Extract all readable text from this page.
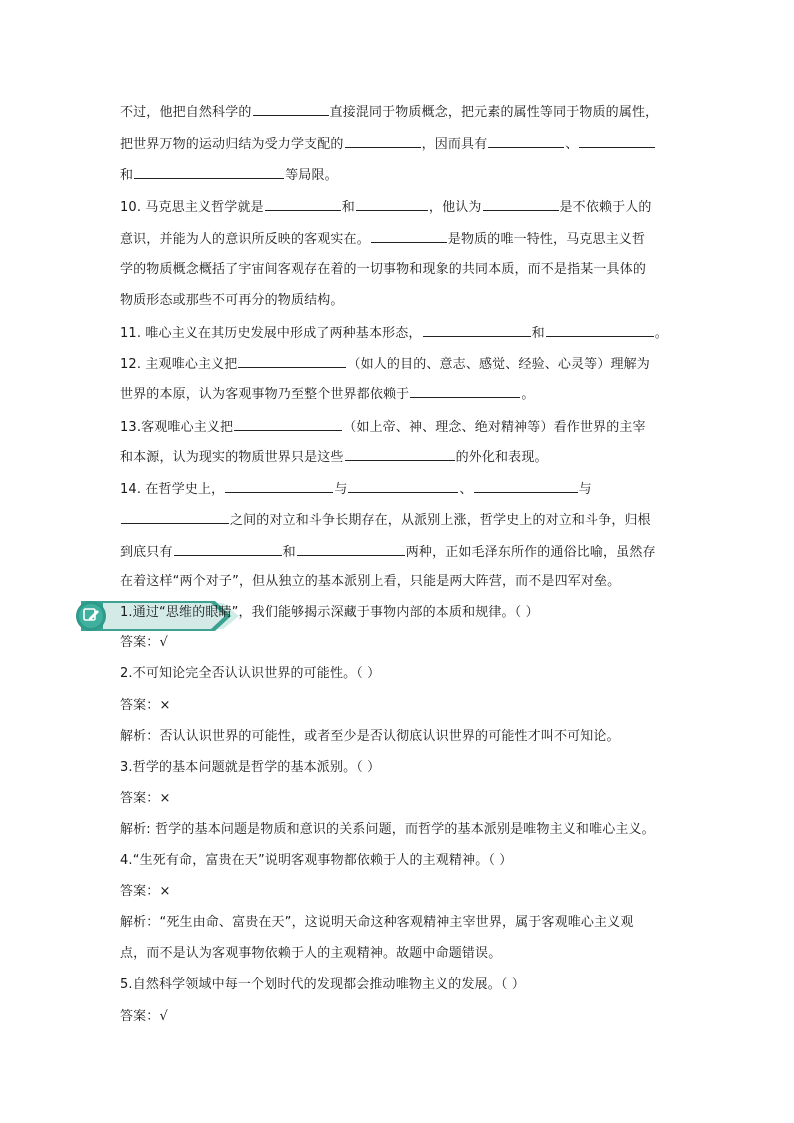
不过，他把自然科学的	直接混同于物质概念，把元素的属性等同于物质的属性，
把世界万物的运动归结为受力学支配的	，因而具有	、
和	等局限。
10. 马克思主义哲学就是	和	，他认为	是不依赖于人的
意识，并能为人的意识所反映的客观实在。	是物质的唯一特性，马克思主义哲
学的物质概念概括了宇宙间客观存在着的一切事物和现象的共同本质，而不是指某一具体的
物质形态或那些不可再分的物质结构。
11. 唯心主义在其历史发展中形成了两种基本形态，	和	。
12. 主观唯心主义把	（如人的目的、意志、感觉、经验、心灵等）理解为
世界的本原，认为客观事物乃至整个世界都依赖于	。
13.客观唯心主义把	（如上帝、神、理念、绝对精神等）看作世界的主宰
和本源，认为现实的物质世界只是这些	的外化和表现。
14. 在哲学史上，	与	、	与
之间的对立和斗争长期存在，从派别上涨，哲学史上的对立和斗争，归根
到底只有	和	两种，正如毛泽东所作的通俗比喻，虽然存
在着这样“两个对子”，但从独立的基本派别上看，只能是两大阵营，而不是四军对垒。
1.通过“思维的眼睛”，我们能够揭示深藏于事物内部的本质和规律。（ ）
答案：√
2.不可知论完全否认认识世界的可能性。（ ）
答案：×
解析：否认认识世界的可能性，或者至少是否认彻底认识世界的可能性才叫不可知论。
3.哲学的基本问题就是哲学的基本派别。（ ）
答案：×
解析: 哲学的基本问题是物质和意识的关系问题，而哲学的基本派别是唯物主义和唯心主义。
4.“生死有命，富贵在天”说明客观事物都依赖于人的主观精神。（ ）
答案：×
解析：“死生由命、富贵在天”，这说明天命这种客观精神主宰世界，属于客观唯心主义观
点，而不是认为客观事物依赖于人的主观精神。故题中命题错误。
5.自然科学领域中每一个划时代的发现都会推动唯物主义的发展。（ ）
答案：√
